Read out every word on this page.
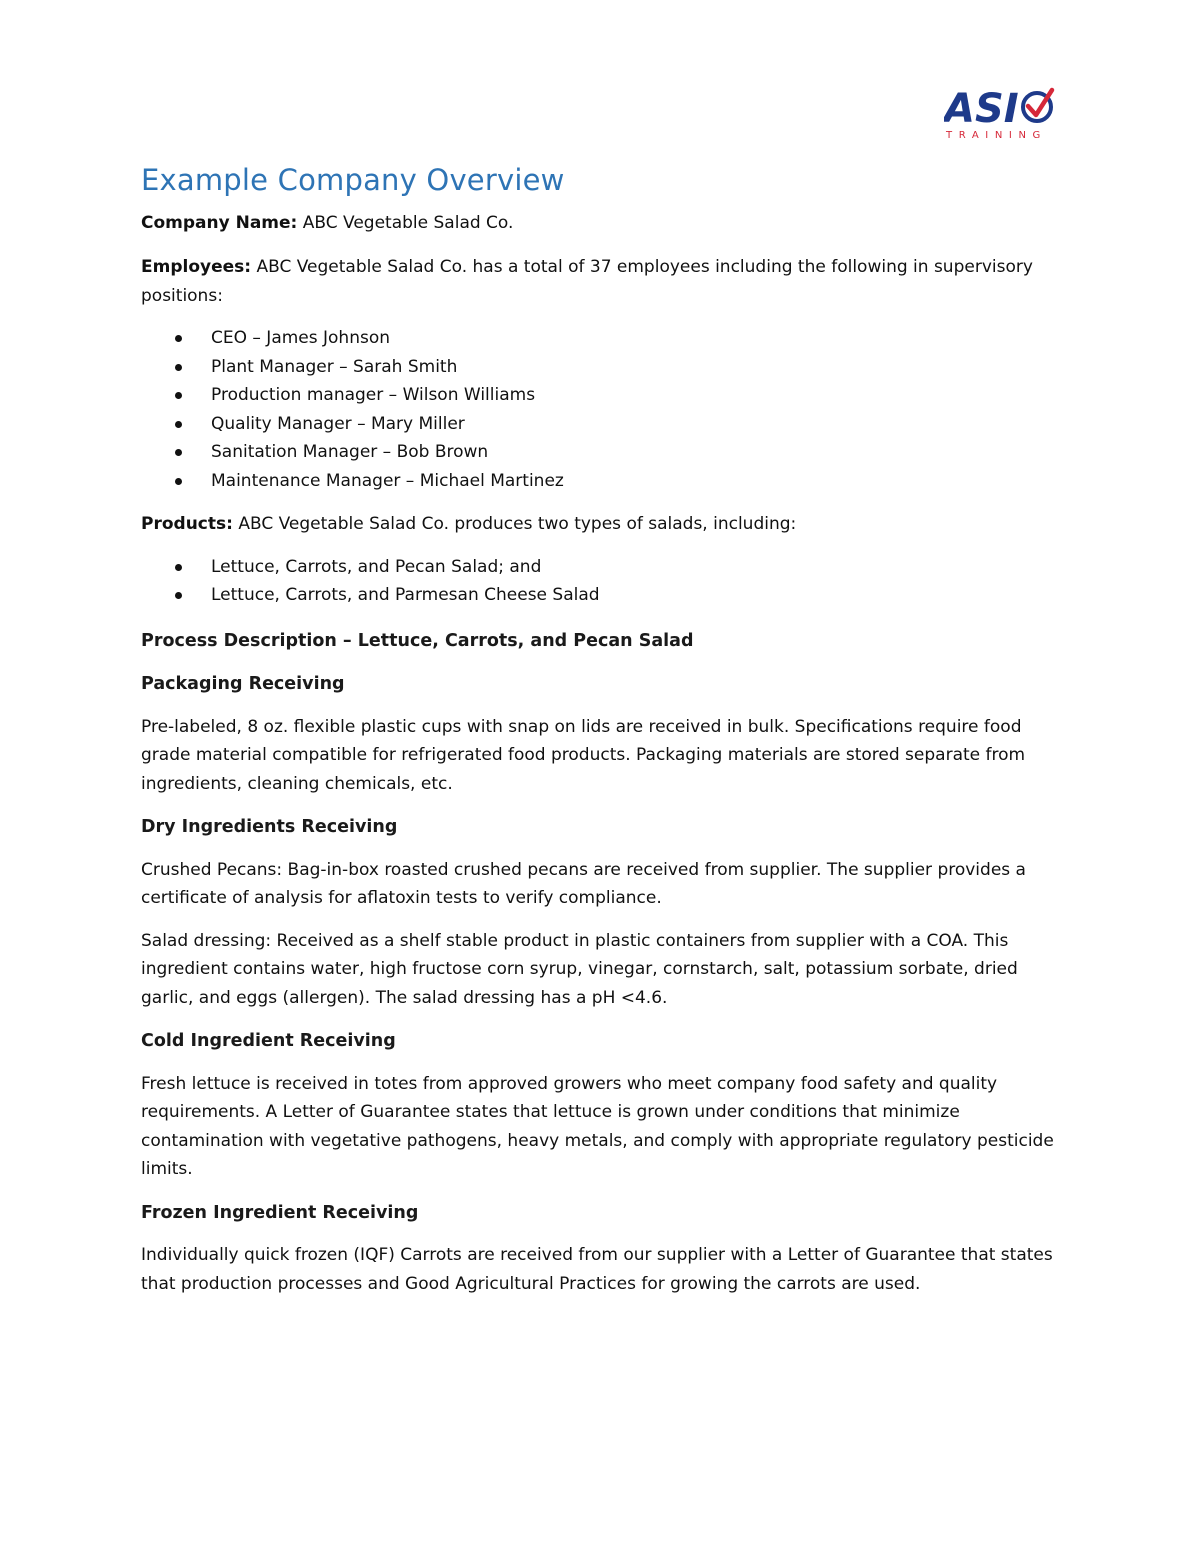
ASI
TRAINING
Example Company Overview

Company Name: ABC Vegetable Salad Co.

Employees: ABC Vegetable Salad Co. has a total of 37 employees including the following in supervisory positions:

CEO – James Johnson
Plant Manager – Sarah Smith
Production manager – Wilson Williams
Quality Manager – Mary Miller
Sanitation Manager – Bob Brown
Maintenance Manager – Michael Martinez

Products: ABC Vegetable Salad Co. produces two types of salads, including:

Lettuce, Carrots, and Pecan Salad; and
Lettuce, Carrots, and Parmesan Cheese Salad
Process Description – Lettuce, Carrots, and Pecan Salad
Packaging Receiving

Pre-labeled, 8 oz. flexible plastic cups with snap on lids are received in bulk. Specifications require food grade material compatible for refrigerated food products. Packaging materials are stored separate from ingredients, cleaning chemicals, etc.

Dry Ingredients Receiving

Crushed Pecans: Bag-in-box roasted crushed pecans are received from supplier. The supplier provides a certificate of analysis for aflatoxin tests to verify compliance.

Salad dressing: Received as a shelf stable product in plastic containers from supplier with a COA. This ingredient contains water, high fructose corn syrup, vinegar, cornstarch, salt, potassium sorbate, dried garlic, and eggs (allergen). The salad dressing has a pH <4.6.

Cold Ingredient Receiving

Fresh lettuce is received in totes from approved growers who meet company food safety and quality requirements. A Letter of Guarantee states that lettuce is grown under conditions that minimize contamination with vegetative pathogens, heavy metals, and comply with appropriate regulatory pesticide limits.

Frozen Ingredient Receiving

Individually quick frozen (IQF) Carrots are received from our supplier with a Letter of Guarantee that states that production processes and Good Agricultural Practices for growing the carrots are used.
